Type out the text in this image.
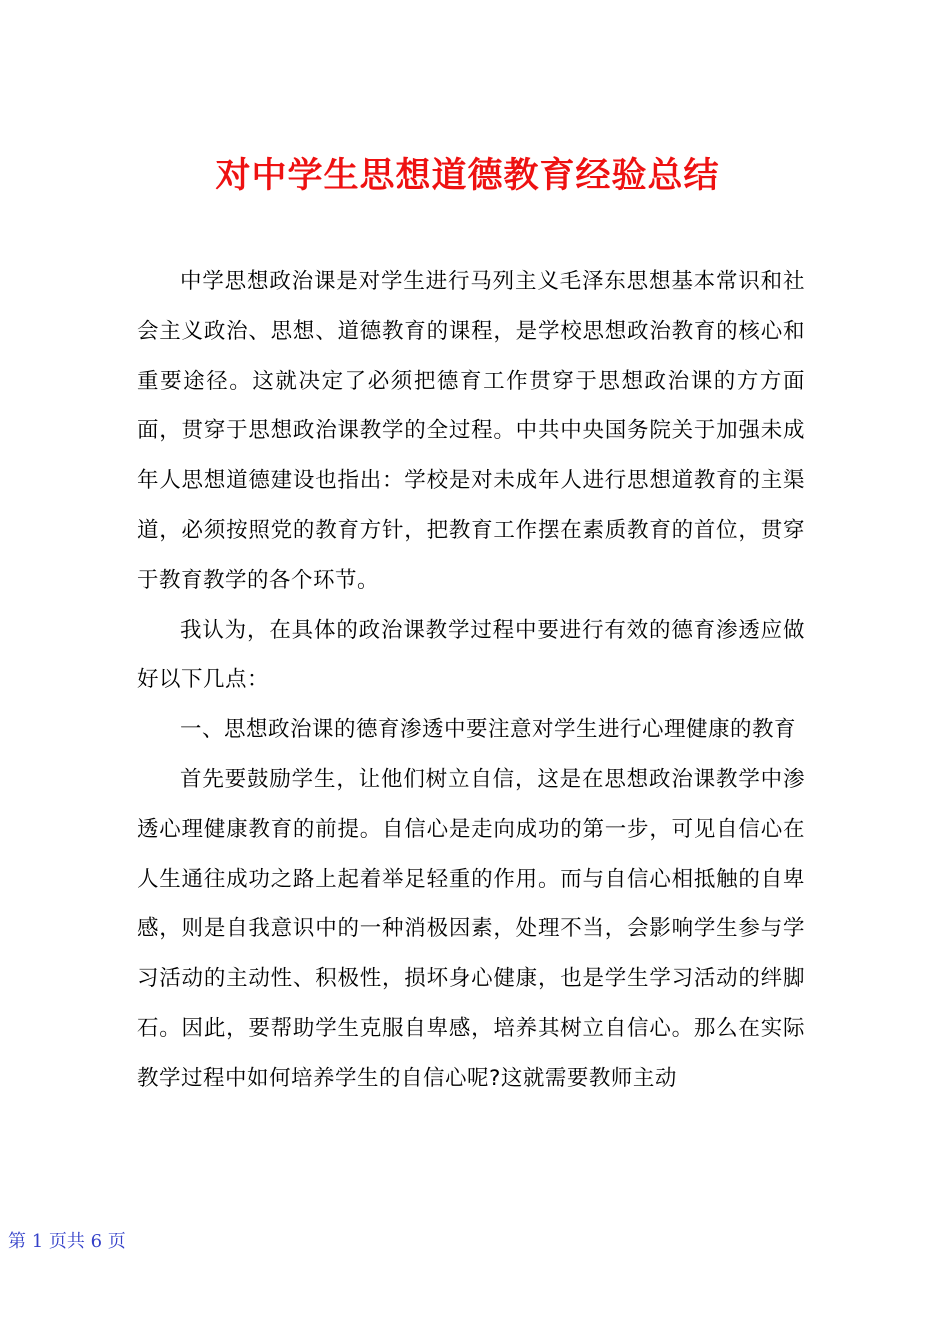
对中学生思想道德教育经验总结

中学思想政治课是对学生进行马列主义毛泽东思想基本常识和社会主义政治、思想、道德教育的课程，是学校思想政治教育的核心和重要途径。这就决定了必须把德育工作贯穿于思想政治课的方方面面，贯穿于思想政治课教学的全过程。中共中央国务院关于加强未成年人思想道德建设也指出：学校是对未成年人进行思想道教育的主渠道，必须按照党的教育方针，把教育工作摆在素质教育的首位，贯穿于教育教学的各个环节。

我认为，在具体的政治课教学过程中要进行有效的德育渗透应做好以下几点：

一、思想政治课的德育渗透中要注意对学生进行心理健康的教育

首先要鼓励学生，让他们树立自信，这是在思想政治课教学中渗透心理健康教育的前提。自信心是走向成功的第一步，可见自信心在人生通往成功之路上起着举足轻重的作用。而与自信心相抵触的自卑感，则是自我意识中的一种消极因素，处理不当，会影响学生参与学习活动的主动性、积极性，损坏身心健康，也是学生学习活动的绊脚石。因此，要帮助学生克服自卑感，培养其树立自信心。那么在实际教学过程中如何培养学生的自信心呢?这就需要教师主动

第 1 页共 6 页
